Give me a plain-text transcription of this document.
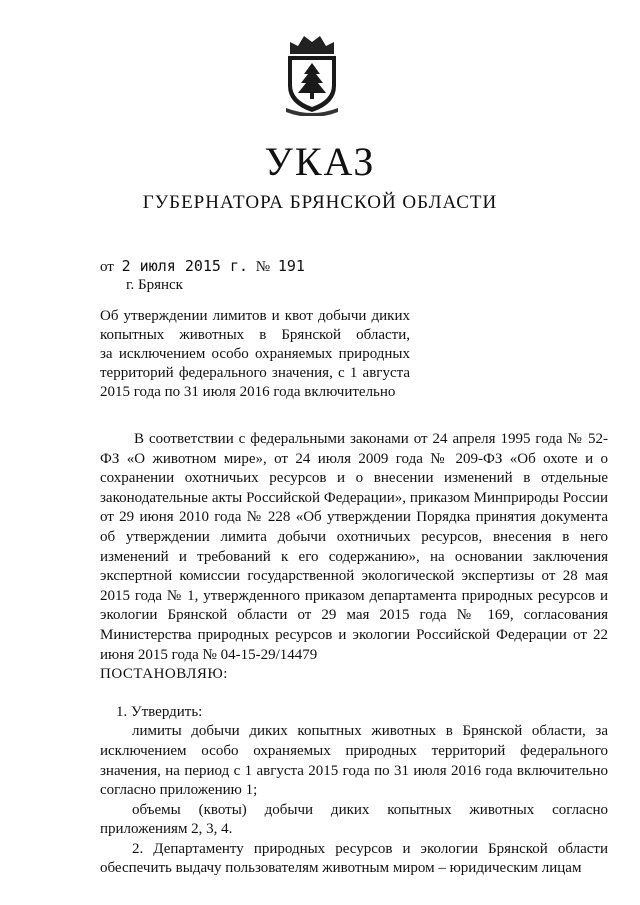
УКАЗ
ГУБЕРНАТОРА БРЯНСКОЙ ОБЛАСТИ
от 2 июля 2015 г. № 191
г. Брянск
Об утверждении лимитов и квот добычи диких
копытных животных в Брянской области,
за исключением особо охраняемых природных
территорий федерального значения, с 1 августа
2015 года по 31 июля 2016 года включительно

В соответствии с федеральными законами от 24 апреля 1995 года № 52-ФЗ «О животном мире», от 24 июля 2009 года № 209-ФЗ «Об охоте и о сохранении охотничьих ресурсов и о внесении изменений в отдельные законодательные акты Российской Федерации», приказом Минприроды России от 29 июня 2010 года № 228 «Об утверждении Порядка принятия документа об утверждении лимита добычи охотничьих ресурсов, внесения в него изменений и требований к его содержанию», на основании заключения экспертной комиссии государственной экологической экспертизы от 28 мая 2015 года № 1, утвержденного приказом департамента природных ресурсов и экологии Брянской области от 29 мая 2015 года № 169, согласования Министерства природных ресурсов и экологии Российской Федерации от 22 июня 2015 года № 04-15-29/14479

ПОСТАНОВЛЯЮ:

1. Утвердить:

лимиты добычи диких копытных животных в Брянской области, за исключением особо охраняемых природных территорий федерального значения, на период с 1 августа 2015 года по 31 июля 2016 года включительно согласно приложению 1;

объемы (квоты) добычи диких копытных животных согласно приложениям 2, 3, 4.

2. Департаменту природных ресурсов и экологии Брянской области обеспечить выдачу пользователям животным миром – юридическим лицам
